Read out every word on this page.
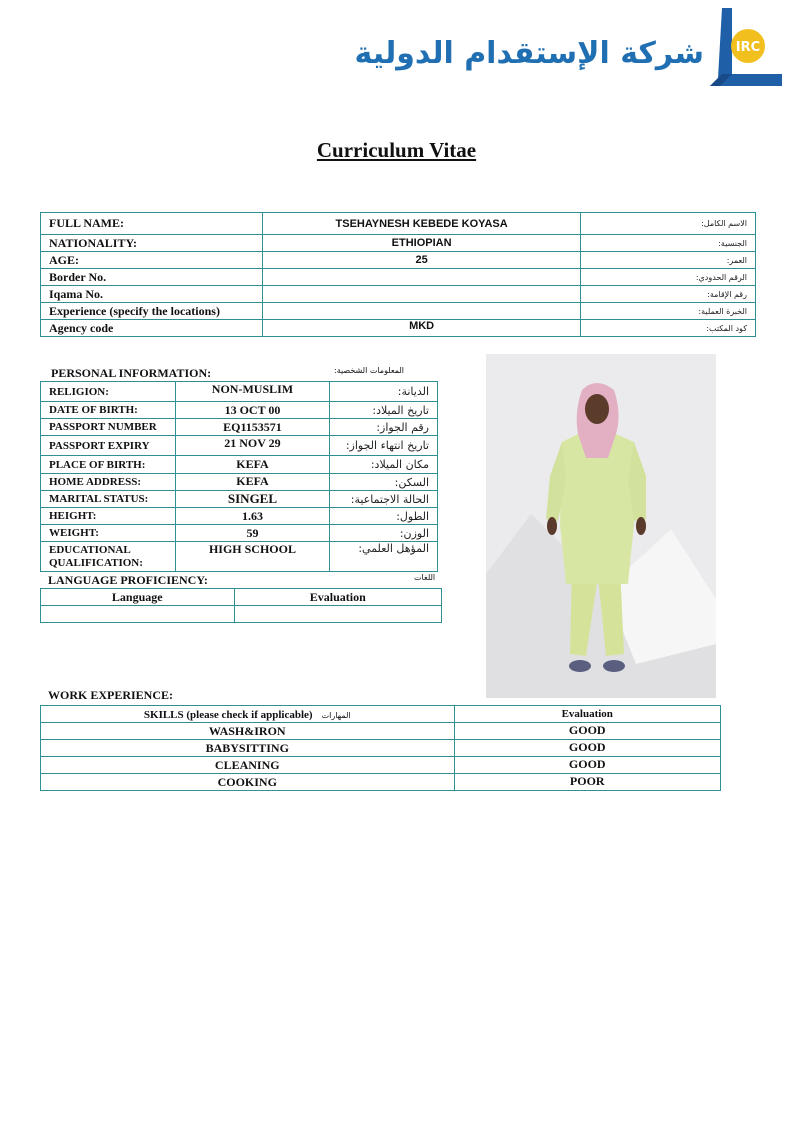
شركة الإستقدام الدولية IRC
Curriculum Vitae
FULL NAME:	TSEHAYNESH KEBEDE KOYASA	الاسم الكامل:
NATIONALITY:	ETHIOPIAN	الجنسية:
AGE:	25	العمر:
Border No.		الرقم الحدودي:
Iqama No.		رقم الإقامة:
Experience (specify the locations)		الخبرة العملية:
Agency code	MKD	كود المكتب:
PERSONAL INFORMATION:	المعلومات الشخصية:
RELIGION:	NON-MUSLIM	الديانة:
DATE OF BIRTH:	13 OCT 00	تاريخ الميلاد:
PASSPORT NUMBER	EQ1153571	رقم الجواز:
PASSPORT EXPIRY	21 NOV 29	تاريخ انتهاء الجواز:
PLACE OF BIRTH:	KEFA	مكان الميلاد:
HOME ADDRESS:	KEFA	السكن:
MARITAL STATUS:	SINGEL	الحالة الاجتماعية:
HEIGHT:	1.63	الطول:
WEIGHT:	59	الوزن:
EDUCATIONAL QUALIFICATION:	HIGH SCHOOL	المؤهل العلمي:
LANGUAGE PROFICIENCY:	اللغات
Language	Evaluation

WORK EXPERIENCE:
SKILLS (please check if applicable) المهارات	Evaluation
WASH&IRON	GOOD
BABYSITTING	GOOD
CLEANING	GOOD
COOKING	POOR
